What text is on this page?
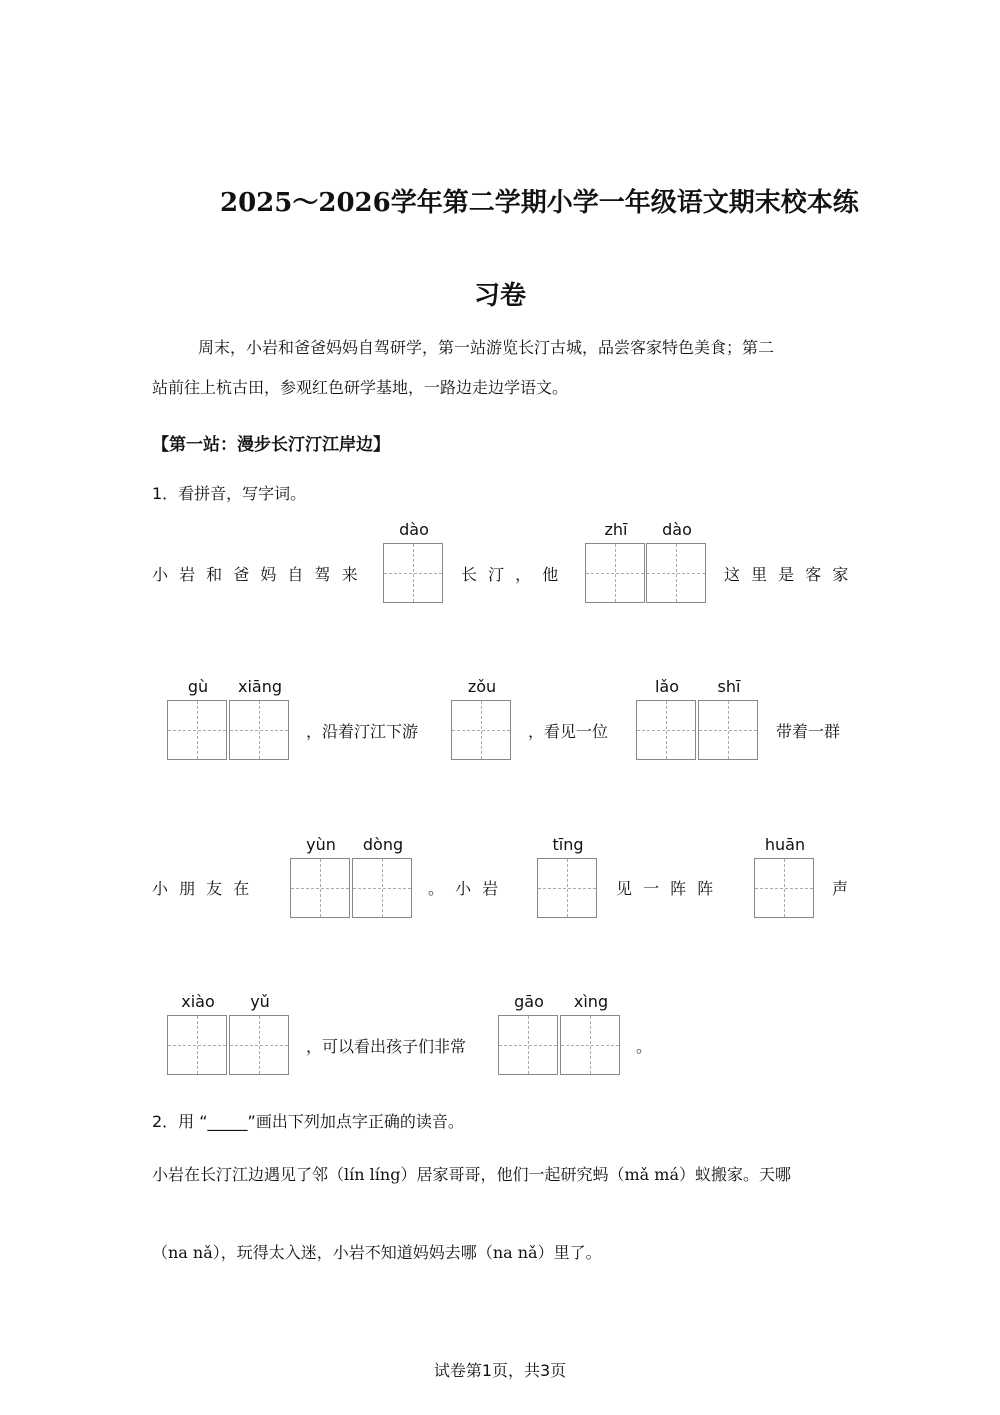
2025～2026学年第二学期小学一年级语文期末校本练
习卷
周末，小岩和爸爸妈妈自驾研学，第一站游览长汀古城，品尝客家特色美食；第二
站前往上杭古田，参观红色研学基地，一路边走边学语文。
【第一站：漫步长汀汀江岸边】
1．看拼音，写字词。
小 岩 和 爸 妈 自 驾 来
dào
长 汀 ， 他
zhī	dào
这 里 是 客 家
gù	xiāng
，沿着汀江下游
zǒu
，看见一位
lǎo	shī
带着一群
小 朋 友 在
yùn	dòng
。 小 岩
tīng
见 一 阵 阵
huān
声
xiào	yǔ
，可以看出孩子们非常
gāo	xìng
。
2．用 “_____”画出下列加点字正确的读音。
小岩在长汀江边遇见了邻（lín líng）居家哥哥，他们一起研究蚂（mǎ má）蚁搬家。天哪
（na nǎ），玩得太入迷，小岩不知道妈妈去哪（na nǎ）里了。
试卷第1页，共3页
